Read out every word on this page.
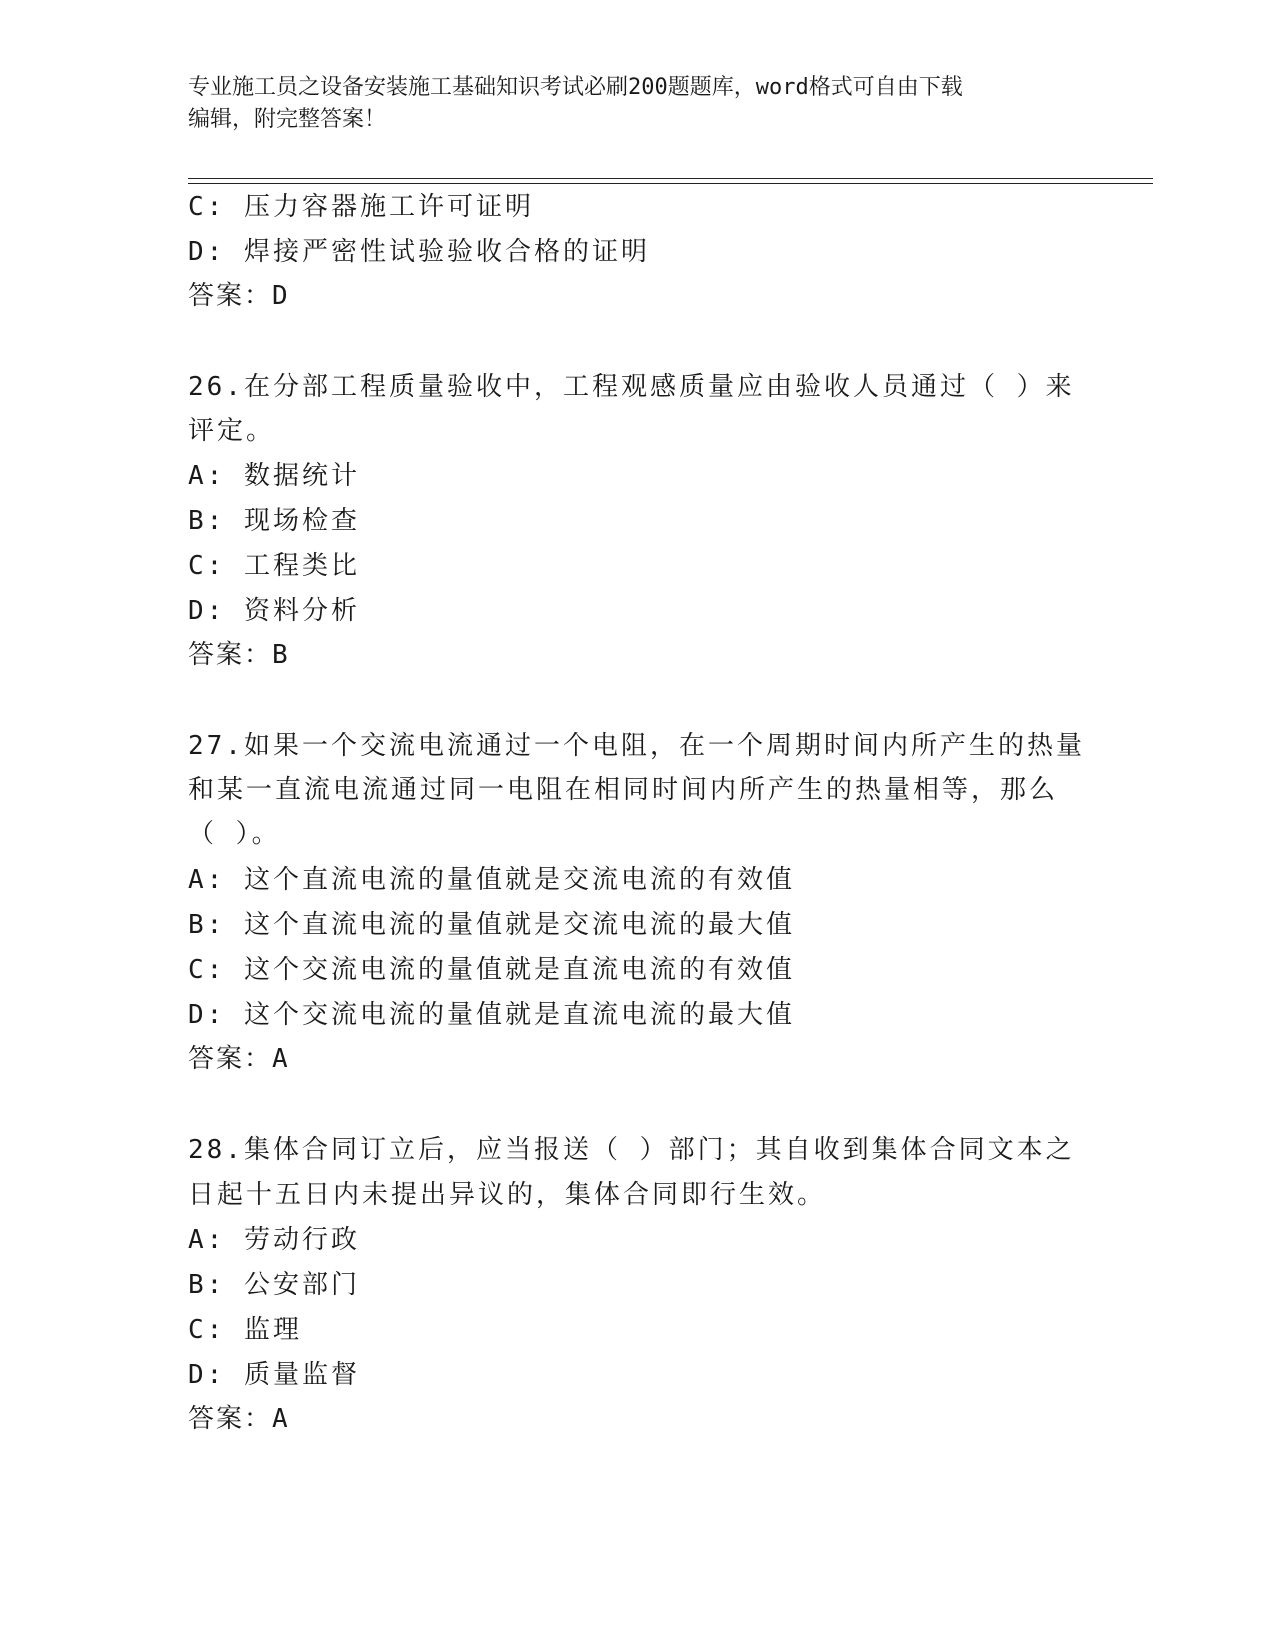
专业施工员之设备安装施工基础知识考试必刷200题题库，word格式可自由下载
编辑，附完整答案！
C: 压力容器施工许可证明
D: 焊接严密性试验验收合格的证明
答案：D
26.在分部工程质量验收中，工程观感质量应由验收人员通过（ ）来
评定。
A: 数据统计
B: 现场检查
C: 工程类比
D: 资料分析
答案：B
27.如果一个交流电流通过一个电阻，在一个周期时间内所产生的热量
和某一直流电流通过同一电阻在相同时间内所产生的热量相等，那么
（ ）。
A: 这个直流电流的量值就是交流电流的有效值
B: 这个直流电流的量值就是交流电流的最大值
C: 这个交流电流的量值就是直流电流的有效值
D: 这个交流电流的量值就是直流电流的最大值
答案：A
28.集体合同订立后，应当报送（ ）部门；其自收到集体合同文本之
日起十五日内未提出异议的，集体合同即行生效。
A: 劳动行政
B: 公安部门
C: 监理
D: 质量监督
答案：A
